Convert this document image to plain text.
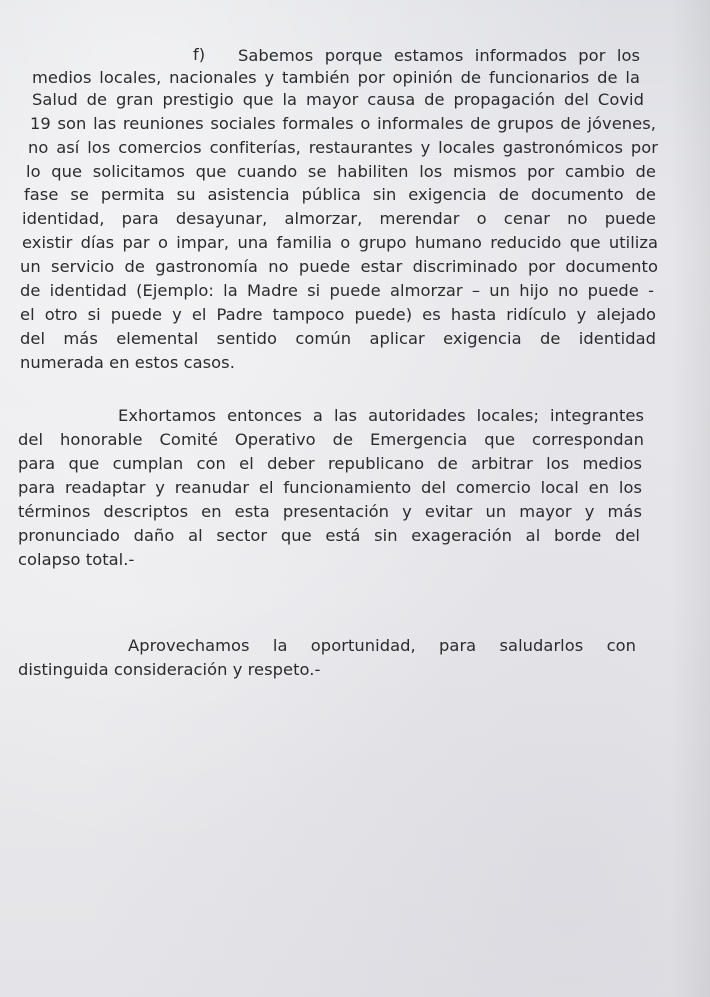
f)	Sabemos porque estamos informados por los

medios locales, nacionales y también por opinión de funcionarios de la

Salud de gran prestigio que la mayor causa de propagación del Covid

19 son las reuniones sociales formales o informales de grupos de jóvenes,

no así los comercios confiterías, restaurantes y locales gastronómicos por

lo que solicitamos que cuando se habiliten los mismos por cambio de

fase se permita su asistencia pública sin exigencia de documento de

identidad, para desayunar, almorzar, merendar o cenar no puede

existir días par o impar, una familia o grupo humano reducido que utiliza

un servicio de gastronomía no puede estar discriminado por documento

de identidad (Ejemplo: la Madre si puede almorzar – un hijo no puede -

el otro si puede y el Padre tampoco puede) es hasta ridículo y alejado

del más elemental sentido común aplicar exigencia de identidad

numerada en estos casos.

Exhortamos entonces a las autoridades locales; integrantes

del honorable Comité Operativo de Emergencia que correspondan

para que cumplan con el deber republicano de arbitrar los medios

para readaptar y reanudar el funcionamiento del comercio local en los

términos descriptos en esta presentación y evitar un mayor y más

pronunciado daño al sector que está sin exageración al borde del

colapso total.-

Aprovechamos la oportunidad, para saludarlos con

distinguida consideración y respeto.-
